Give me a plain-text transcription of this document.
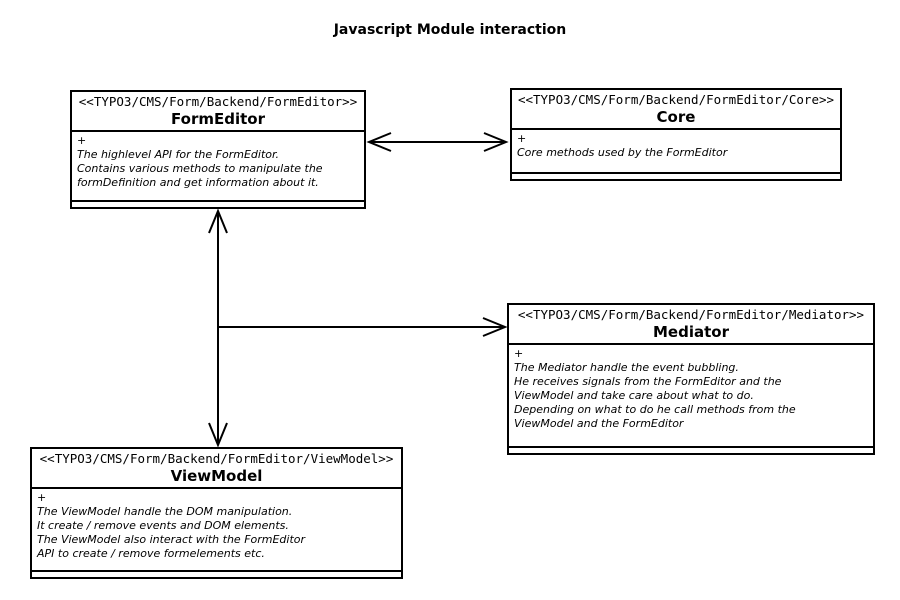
Javascript Module interaction
<<TYPO3/CMS/Form/Backend/FormEditor>>
FormEditor
+
The highlevel API for the FormEditor.
Contains various methods to manipulate the
formDefinition and get information about it.
<<TYPO3/CMS/Form/Backend/FormEditor/Core>>
Core
+
Core methods used by the FormEditor
<<TYPO3/CMS/Form/Backend/FormEditor/Mediator>>
Mediator
+
The Mediator handle the event bubbling.
He receives signals from the FormEditor and the
ViewModel and take care about what to do.
Depending on what to do he call methods from the
ViewModel and the FormEditor
<<TYPO3/CMS/Form/Backend/FormEditor/ViewModel>>
ViewModel
+
The ViewModel handle the DOM manipulation.
It create / remove events and DOM elements.
The ViewModel also interact with the FormEditor
API to create / remove formelements etc.
